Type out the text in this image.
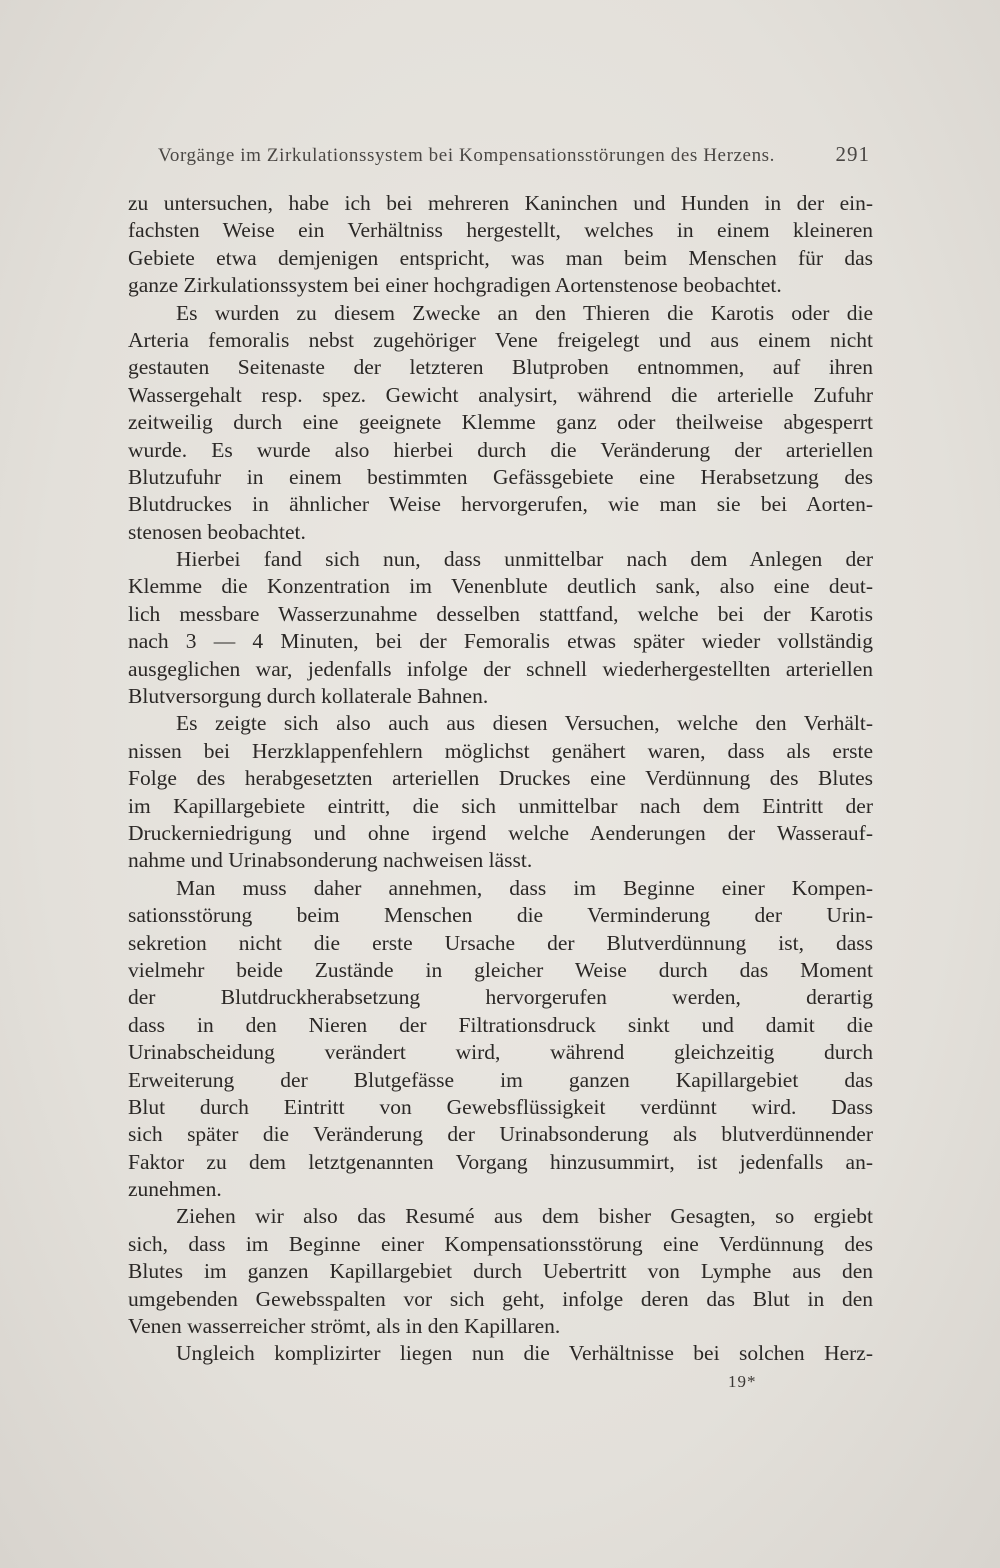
Vorgänge im Zirkulationssystem bei Kompensationsstörungen des Herzens.	291
zu untersuchen, habe ich bei mehreren Kaninchen und Hunden in der ein-
fachsten Weise ein Verhältniss hergestellt, welches in einem kleineren
Gebiete etwa demjenigen entspricht, was man beim Menschen für das
ganze Zirkulationssystem bei einer hochgradigen Aortenstenose beobachtet.
Es wurden zu diesem Zwecke an den Thieren die Karotis oder die
Arteria femoralis nebst zugehöriger Vene freigelegt und aus einem nicht
gestauten Seitenaste der letzteren Blutproben entnommen, auf ihren
Wassergehalt resp. spez. Gewicht analysirt, während die arterielle Zufuhr
zeitweilig durch eine geeignete Klemme ganz oder theilweise abgesperrt
wurde. Es wurde also hierbei durch die Veränderung der arteriellen
Blutzufuhr in einem bestimmten Gefässgebiete eine Herabsetzung des
Blutdruckes in ähnlicher Weise hervorgerufen, wie man sie bei Aorten-
stenosen beobachtet.
Hierbei fand sich nun, dass unmittelbar nach dem Anlegen der
Klemme die Konzentration im Venenblute deutlich sank, also eine deut-
lich messbare Wasserzunahme desselben stattfand, welche bei der Karotis
nach 3 — 4 Minuten, bei der Femoralis etwas später wieder vollständig
ausgeglichen war, jedenfalls infolge der schnell wiederhergestellten arteriellen
Blutversorgung durch kollaterale Bahnen.
Es zeigte sich also auch aus diesen Versuchen, welche den Verhält-
nissen bei Herzklappenfehlern möglichst genähert waren, dass als erste
Folge des herabgesetzten arteriellen Druckes eine Verdünnung des Blutes
im Kapillargebiete eintritt, die sich unmittelbar nach dem Eintritt der
Druckerniedrigung und ohne irgend welche Aenderungen der Wasserauf-
nahme und Urinabsonderung nachweisen lässt.
Man muss daher annehmen, dass im Beginne einer Kompen-
sationsstörung beim Menschen die Verminderung der Urin-
sekretion nicht die erste Ursache der Blutverdünnung ist, dass
vielmehr beide Zustände in gleicher Weise durch das Moment
der Blutdruckherabsetzung hervorgerufen werden, derartig
dass in den Nieren der Filtrationsdruck sinkt und damit die
Urinabscheidung verändert wird, während gleichzeitig durch
Erweiterung der Blutgefässe im ganzen Kapillargebiet das
Blut durch Eintritt von Gewebsflüssigkeit verdünnt wird. Dass
sich später die Veränderung der Urinabsonderung als blutverdünnender
Faktor zu dem letztgenannten Vorgang hinzusummirt, ist jedenfalls an-
zunehmen.
Ziehen wir also das Resumé aus dem bisher Gesagten, so ergiebt
sich, dass im Beginne einer Kompensationsstörung eine Verdünnung des
Blutes im ganzen Kapillargebiet durch Uebertritt von Lymphe aus den
umgebenden Gewebsspalten vor sich geht, infolge deren das Blut in den
Venen wasserreicher strömt, als in den Kapillaren.
Ungleich komplizirter liegen nun die Verhältnisse bei solchen Herz-
19*
